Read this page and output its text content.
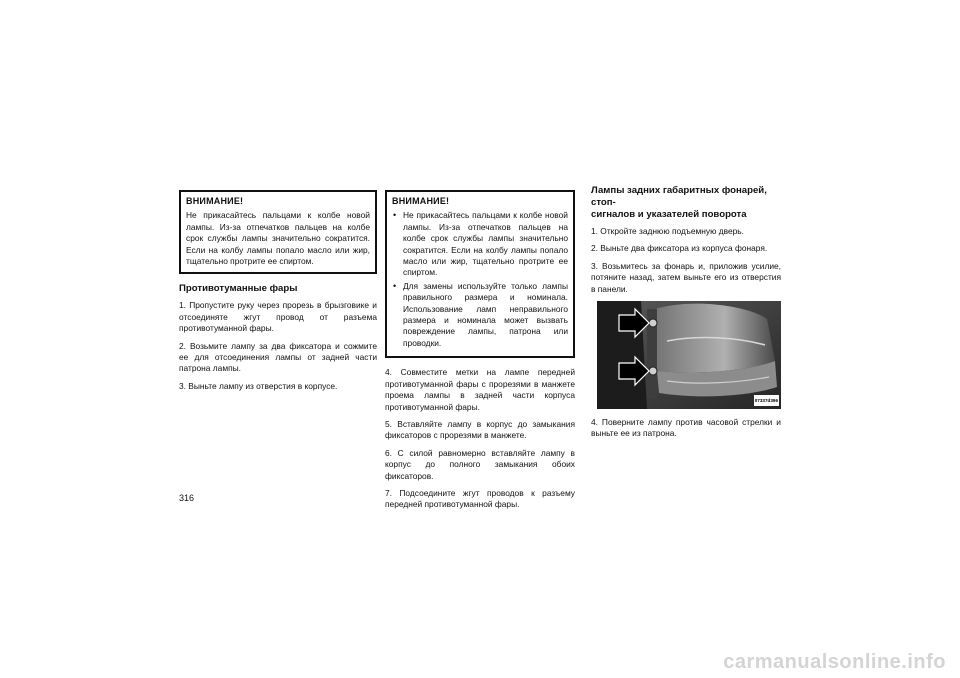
ВНИМАНИЕ!

Не прикасайтесь пальцами к колбе новой лампы. Из-за отпечатков пальцев на колбе срок службы лампы значительно сократится. Если на колбу лампы попало масло или жир, тщательно протрите ее спиртом.

Противотуманные фары

1. Пропустите руку через прорезь в брызговике и отсоединяте жгут провод от разъема противотуманной фары.

2. Возьмите лампу за два фиксатора и сожмите ее для отсоединения лампы от задней части патрона лампы.

3. Выньте лампу из отверстия в корпусе.

ВНИМАНИЕ!
• Не прикасайтесь пальцами к колбе новой лампы. Из-за отпечатков пальцев на колбе срок службы лампы значительно сократится. Если на колбу лампы попало масло или жир, тщательно протрите ее спиртом.
• Для замены используйте только лампы правильного размера и номинала. Использование ламп неправильного размера и номинала может вызвать повреждение лампы, патрона или проводки.

4. Совместите метки на лампе передней противотуманной фары с прорезями в манжете проема лампы в задней части корпуса противотуманной фары.

5. Вставляйте лампу в корпус до замыкания фиксаторов с прорезями в манжете.

6. С силой равномерно вставляйте лампу в корпус до полного замыкания обоих фиксаторов.

7. Подсоедините жгут проводов к разъему передней противотуманной фары.

Лампы задних габаритных фонарей, стоп-
сигналов и указателей поворота

1. Откройте заднюю подъемную дверь.

2. Выньте два фиксатора из корпуса фонаря.

3. Возьмитесь за фонарь и, приложив усилие, потяните назад, затем выньте его из отверстия в панели.

07337d396

4. Поверните лампу против часовой стрелки и выньте ее из патрона.

316
carmanualsonline.info
